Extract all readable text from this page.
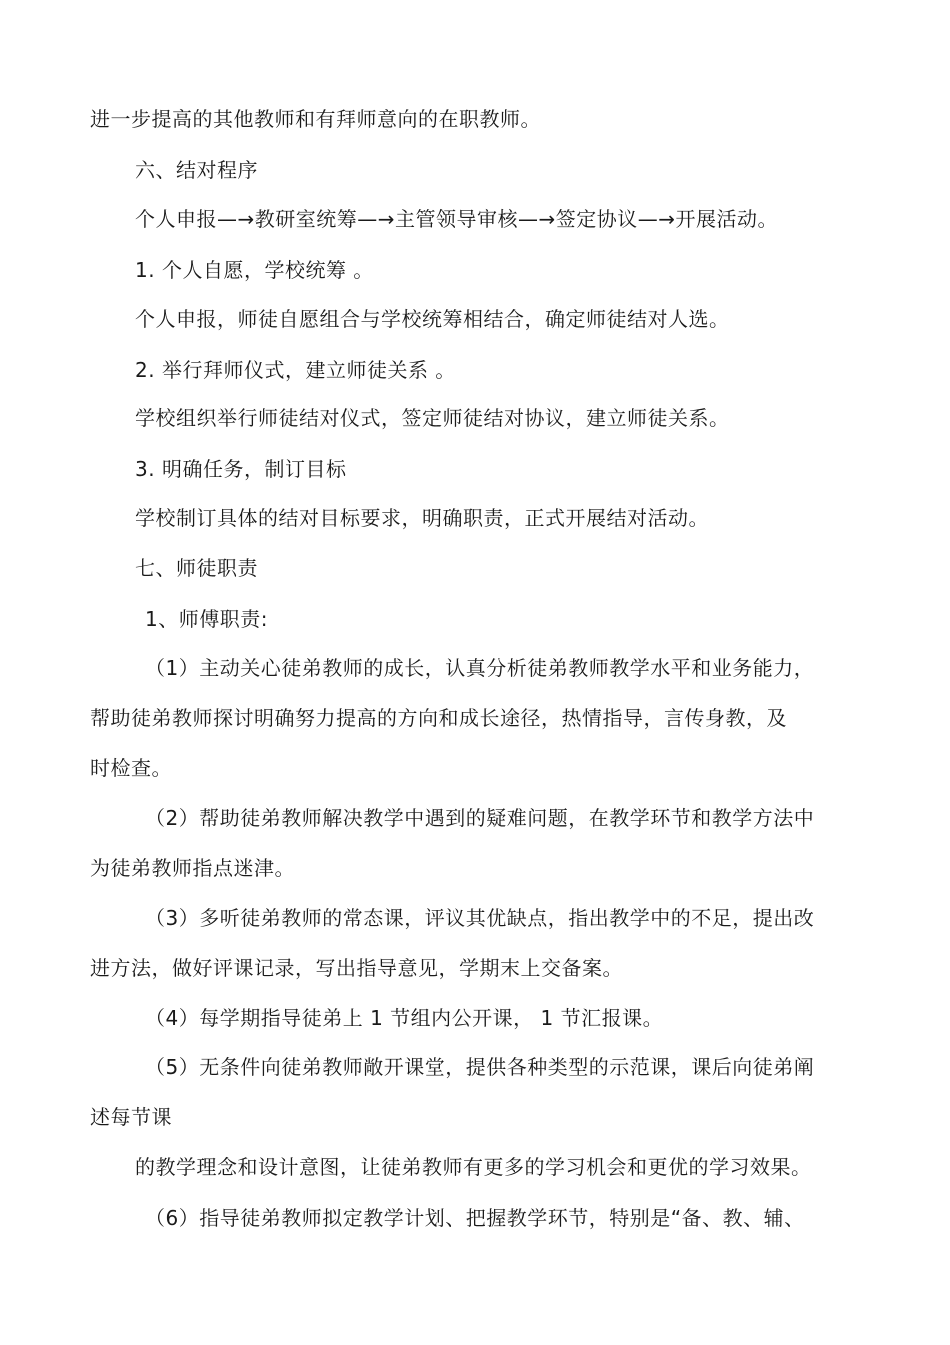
进一步提高的其他教师和有拜师意向的在职教师。
六、结对程序
个人申报—→教研室统筹—→主管领导审核—→签定协议—→开展活动。
1. 个人自愿，学校统筹 。
个人申报，师徒自愿组合与学校统筹相结合，确定师徒结对人选。
2. 举行拜师仪式，建立师徒关系 。
学校组织举行师徒结对仪式，签定师徒结对协议，建立师徒关系。
3. 明确任务，制订目标
学校制订具体的结对目标要求，明确职责，正式开展结对活动。
七、师徒职责
1、师傅职责:
（1）主动关心徒弟教师的成长，认真分析徒弟教师教学水平和业务能力，
帮助徒弟教师探讨明确努力提高的方向和成长途径，热情指导，言传身教，及
时检查。
（2）帮助徒弟教师解决教学中遇到的疑难问题，在教学环节和教学方法中
为徒弟教师指点迷津。
（3）多听徒弟教师的常态课，评议其优缺点，指出教学中的不足，提出改
进方法，做好评课记录，写出指导意见，学期末上交备案。
（4）每学期指导徒弟上 1 节组内公开课， 1 节汇报课。
（5）无条件向徒弟教师敞开课堂，提供各种类型的示范课，课后向徒弟阐
述每节课
的教学理念和设计意图，让徒弟教师有更多的学习机会和更优的学习效果。
（6）指导徒弟教师拟定教学计划、把握教学环节，特别是“备、教、辅、
